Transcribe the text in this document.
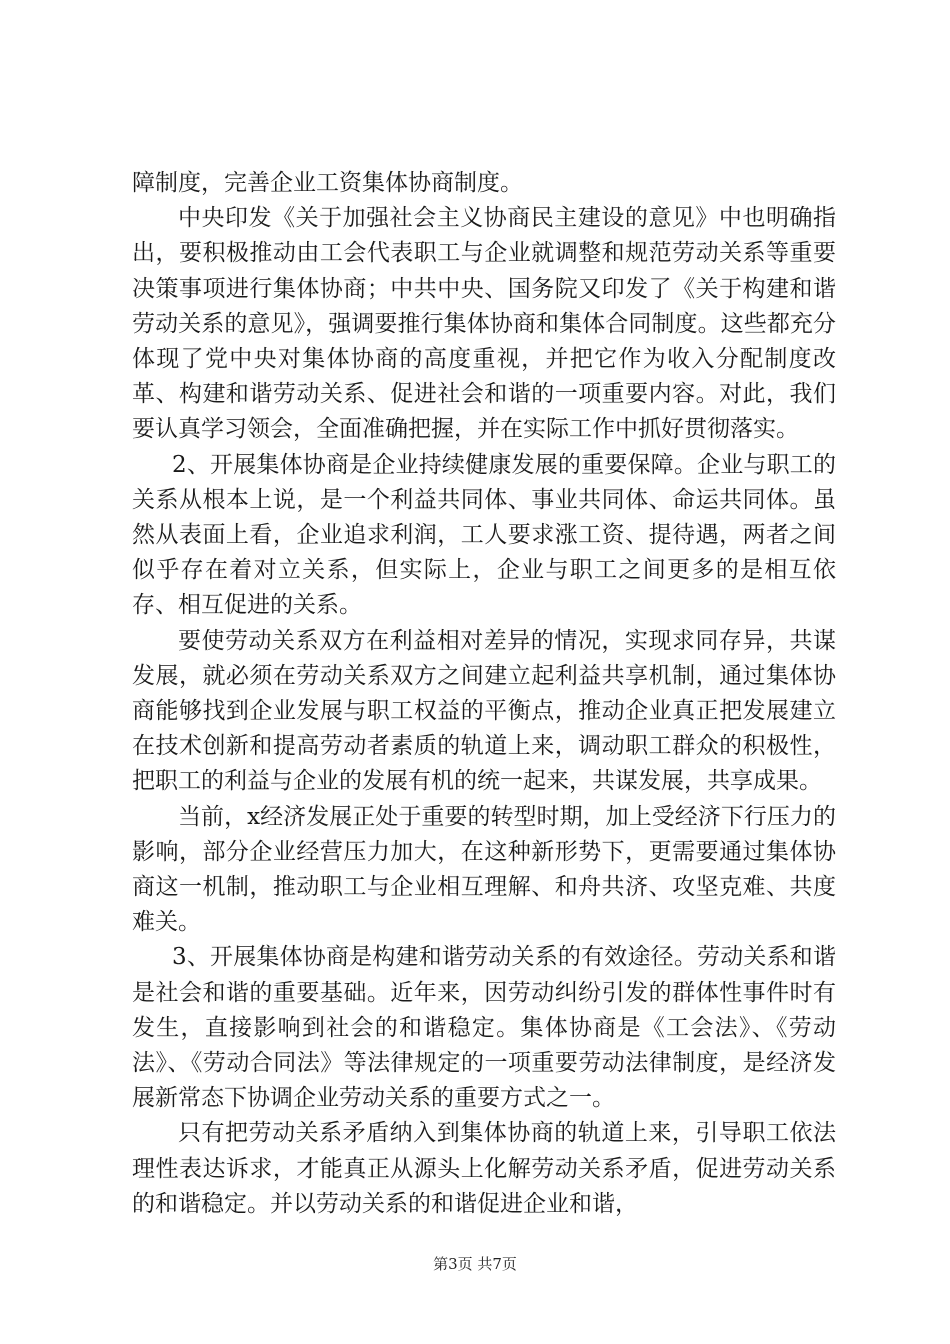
障制度，完善企业工资集体协商制度。

中央印发《关于加强社会主义协商民主建设的意见》中也明确指出，要积极推动由工会代表职工与企业就调整和规范劳动关系等重要决策事项进行集体协商；中共中央、国务院又印发了《关于构建和谐劳动关系的意见》，强调要推行集体协商和集体合同制度。这些都充分体现了党中央对集体协商的高度重视，并把它作为收入分配制度改革、构建和谐劳动关系、促进社会和谐的一项重要内容。对此，我们要认真学习领会，全面准确把握，并在实际工作中抓好贯彻落实。

2、开展集体协商是企业持续健康发展的重要保障。企业与职工的关系从根本上说，是一个利益共同体、事业共同体、命运共同体。虽然从表面上看，企业追求利润，工人要求涨工资、提待遇，两者之间似乎存在着对立关系，但实际上，企业与职工之间更多的是相互依存、相互促进的关系。

要使劳动关系双方在利益相对差异的情况，实现求同存异，共谋发展，就必须在劳动关系双方之间建立起利益共享机制，通过集体协商能够找到企业发展与职工权益的平衡点，推动企业真正把发展建立在技术创新和提高劳动者素质的轨道上来，调动职工群众的积极性，把职工的利益与企业的发展有机的统一起来，共谋发展，共享成果。

当前，x经济发展正处于重要的转型时期，加上受经济下行压力的影响，部分企业经营压力加大，在这种新形势下，更需要通过集体协商这一机制，推动职工与企业相互理解、和舟共济、攻坚克难、共度难关。

3、开展集体协商是构建和谐劳动关系的有效途径。劳动关系和谐是社会和谐的重要基础。近年来，因劳动纠纷引发的群体性事件时有发生，直接影响到社会的和谐稳定。集体协商是《工会法》、《劳动法》、《劳动合同法》等法律规定的一项重要劳动法律制度，是经济发展新常态下协调企业劳动关系的重要方式之一。

只有把劳动关系矛盾纳入到集体协商的轨道上来，引导职工依法理性表达诉求，才能真正从源头上化解劳动关系矛盾，促进劳动关系的和谐稳定。并以劳动关系的和谐促进企业和谐，

第3页 共7页
